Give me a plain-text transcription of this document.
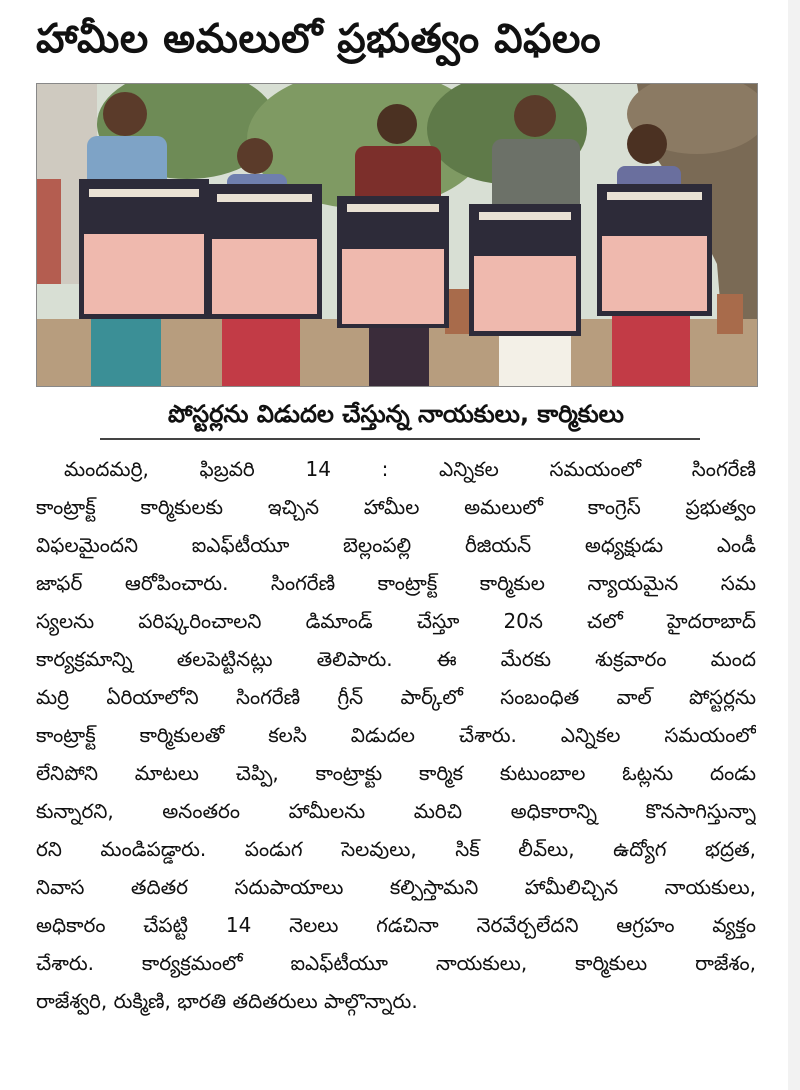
హామీల అమలులో ప్రభుత్వం విఫలం
పోస్టర్లను విడుదల చేస్తున్న నాయకులు, కార్మికులు
మందమర్రి, ఫిబ్రవరి 14 : ఎన్నికల సమయంలో సింగరేణి
కాంట్రాక్ట్ కార్మికులకు ఇచ్చిన హామీల అమలులో కాంగ్రెస్ ప్రభుత్వం
విఫలమైందని ఐఎఫ్‌టీయూ బెల్లంపల్లి రీజియన్ అధ్యక్షుడు ఎండీ
జాఫర్ ఆరోపించారు. సింగరేణి కాంట్రాక్ట్ కార్మికుల న్యాయమైన సమ
స్యలను పరిష్కరించాలని డిమాండ్ చేస్తూ 20న చలో హైదరాబాద్
కార్యక్రమాన్ని తలపెట్టినట్లు తెలిపారు. ఈ మేరకు శుక్రవారం మంద
మర్రి ఏరియాలోని సింగరేణి గ్రీన్ పార్క్‌లో సంబంధిత వాల్ పోస్టర్లను
కాంట్రాక్ట్ కార్మికులతో కలసి విడుదల చేశారు. ఎన్నికల సమయంలో
లేనిపోని మాటలు చెప్పి, కాంట్రాక్టు కార్మిక కుటుంబాల ఓట్లను దండు
కున్నారని, అనంతరం హామీలను మరిచి అధికారాన్ని కొనసాగిస్తున్నా
రని మండిపడ్డారు. పండుగ సెలవులు, సిక్ లీవ్‌లు, ఉద్యోగ భద్రత,
నివాస తదితర సదుపాయాలు కల్పిస్తామని హామీలిచ్చిన నాయకులు,
అధికారం చేపట్టి 14 నెలలు గడచినా నెరవేర్చలేదని ఆగ్రహం వ్యక్తం
చేశారు. కార్యక్రమంలో ఐఎఫ్‌టీయూ నాయకులు, కార్మికులు రాజేశం,
రాజేశ్వరి, రుక్మిణి, భారతి తదితరులు పాల్గొన్నారు.
